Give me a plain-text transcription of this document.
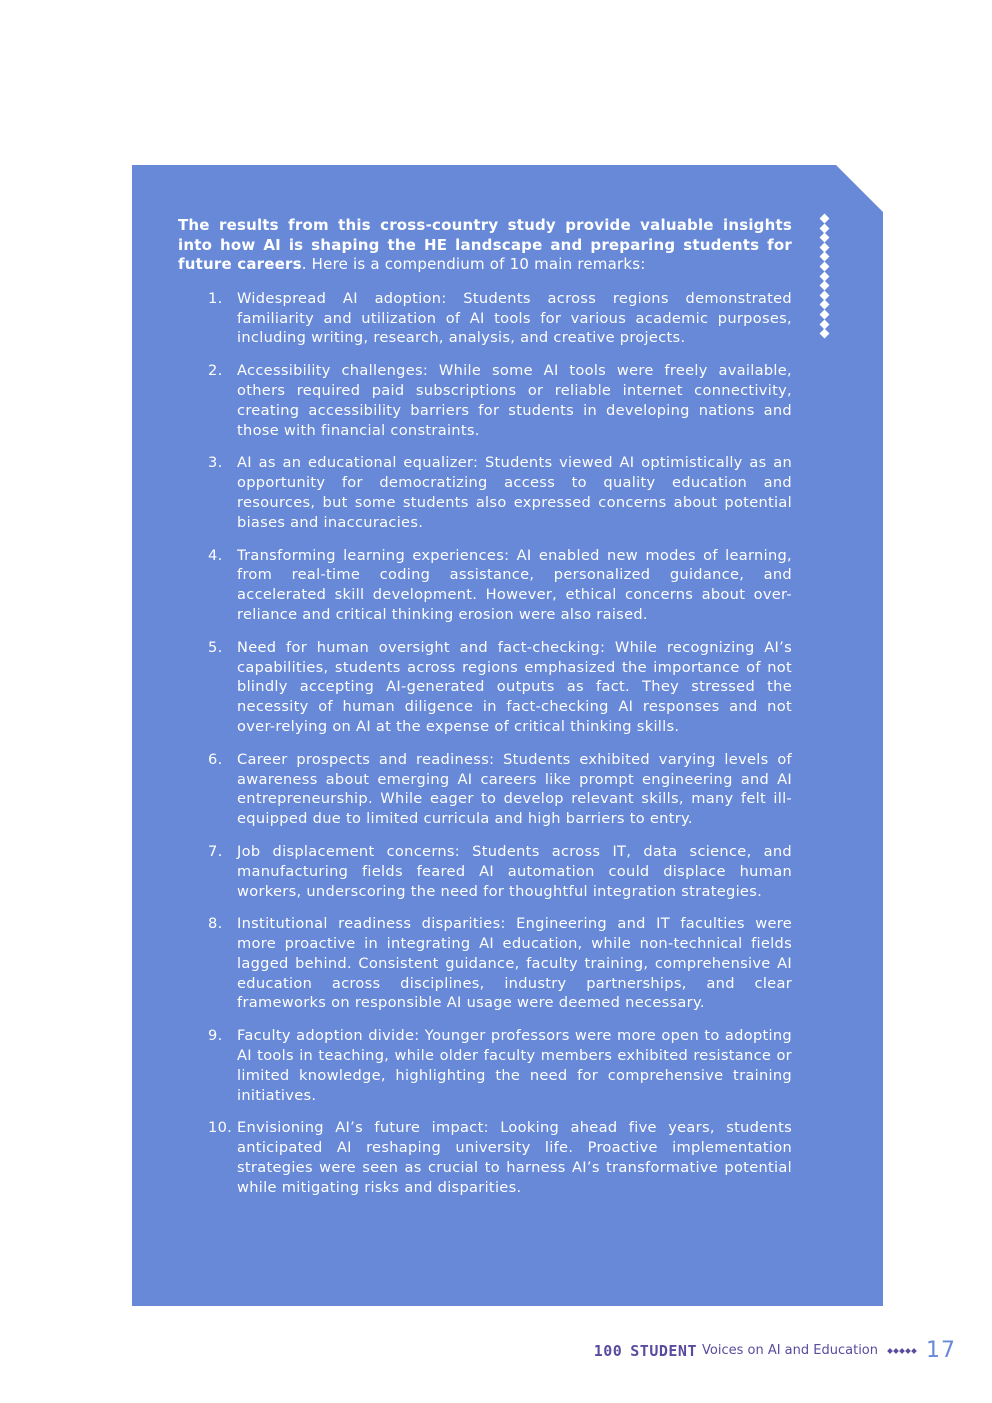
The results from this cross-country study provide valuable insights into how AI is shaping the HE landscape and preparing students for future careers. Here is a compendium of 10 main remarks:

1. Widespread AI adoption: Students across regions demonstrated familiarity and utilization of AI tools for various academic purposes, including writing, research, analysis, and creative projects.
2. Accessibility challenges: While some AI tools were freely available, others required paid subscriptions or reliable internet connectivity, creating accessibility barriers for students in developing nations and those with financial constraints.
3. AI as an educational equalizer: Students viewed AI optimistically as an opportunity for democratizing access to quality education and resources, but some students also expressed concerns about potential biases and inaccuracies.
4. Transforming learning experiences: AI enabled new modes of learning, from real-time coding assistance, personalized guidance, and accelerated skill development. However, ethical concerns about over-reliance and critical thinking erosion were also raised.
5. Need for human oversight and fact-checking: While recognizing AI’s capabilities, students across regions emphasized the importance of not blindly accepting AI-generated outputs as fact. They stressed the necessity of human diligence in fact-checking AI responses and not over-relying on AI at the expense of critical thinking skills.
6. Career prospects and readiness: Students exhibited varying levels of awareness about emerging AI careers like prompt engineering and AI entrepreneurship. While eager to develop relevant skills, many felt ill-equipped due to limited curricula and high barriers to entry.
7. Job displacement concerns: Students across IT, data science, and manufacturing fields feared AI automation could displace human workers, underscoring the need for thoughtful integration strategies.
8. Institutional readiness disparities: Engineering and IT faculties were more proactive in integrating AI education, while non-technical fields lagged behind. Consistent guidance, faculty training, comprehensive AI education across disciplines, industry partnerships, and clear frameworks on responsible AI usage were deemed necessary.
9. Faculty adoption divide: Younger professors were more open to adopting AI tools in teaching, while older faculty members exhibited resistance or limited knowledge, highlighting the need for comprehensive training initiatives.
10. Envisioning AI’s future impact: Looking ahead five years, students anticipated AI reshaping university life. Proactive implementation strategies were seen as crucial to harness AI’s transformative potential while mitigating risks and disparities.
100 STUDENT Voices on AI and Education 17
